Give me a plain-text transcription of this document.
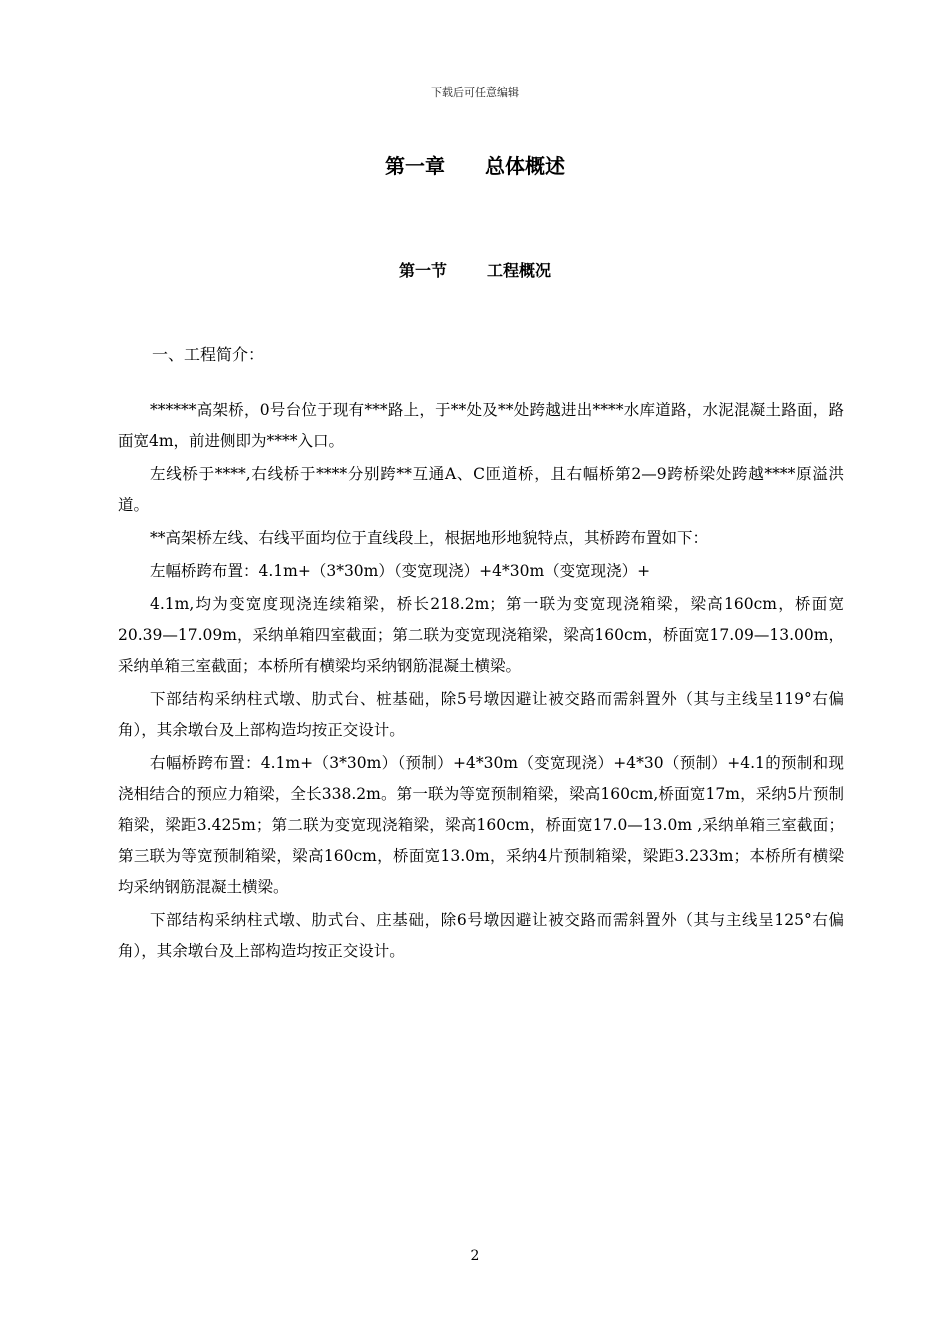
下载后可任意编辑
第一章 总体概述
第一节	工程概况
一、工程简介：

******高架桥，0号台位于现有***路上，于**处及**处跨越进出****水库道路，水泥混凝土路面，路面宽4m，前进侧即为****入口。

左线桥于****,右线桥于****分别跨**互通A、C匝道桥，且右幅桥第2—9跨桥梁处跨越****原溢洪道。

**高架桥左线、右线平面均位于直线段上，根据地形地貌特点，其桥跨布置如下：

左幅桥跨布置：4.1m+（3*30m）（变宽现浇）+4*30m（变宽现浇）+

4.1m,均为变宽度现浇连续箱梁，桥长218.2m；第一联为变宽现浇箱梁，梁高160cm，桥面宽20.39—17.09m，采纳单箱四室截面；第二联为变宽现浇箱梁，梁高160cm，桥面宽17.09—13.00m，采纳单箱三室截面；本桥所有横梁均采纳钢筋混凝土横梁。

下部结构采纳柱式墩、肋式台、桩基础，除5号墩因避让被交路而需斜置外（其与主线呈119°右偏角），其余墩台及上部构造均按正交设计。

右幅桥跨布置：4.1m+（3*30m）（预制）+4*30m（变宽现浇）+4*30（预制）+4.1的预制和现浇相结合的预应力箱梁，全长338.2m。第一联为等宽预制箱梁，梁高160cm,桥面宽17m，采纳5片预制箱梁，梁距3.425m；第二联为变宽现浇箱梁，梁高160cm，桥面宽17.0—13.0m ,采纳单箱三室截面；第三联为等宽预制箱梁，梁高160cm，桥面宽13.0m，采纳4片预制箱梁，梁距3.233m；本桥所有横梁均采纳钢筋混凝土横梁。

下部结构采纳柱式墩、肋式台、庄基础，除6号墩因避让被交路而需斜置外（其与主线呈125°右偏角），其余墩台及上部构造均按正交设计。

2
